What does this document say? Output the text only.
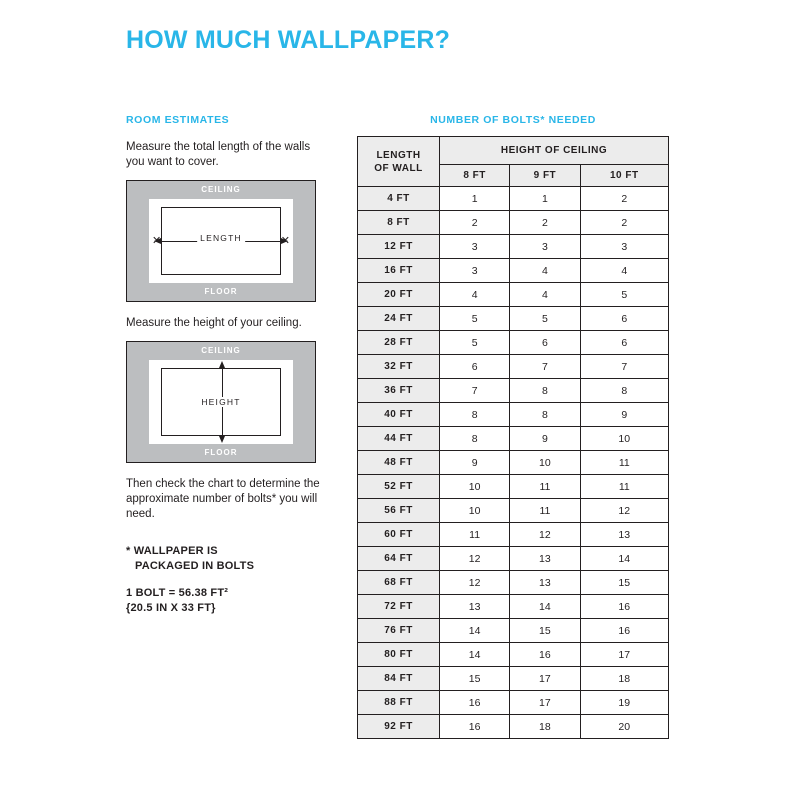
HOW MUCH WALLPAPER?
ROOM ESTIMATES

Measure the total length of the walls you want to cover.

CEILING
FLOOR
LENGTH
✕	✕

Measure the height of your ceiling.

CEILING
FLOOR
HEIGHT

Then check the chart to determine the approximate number of bolts* you will need.

* WALLPAPER IS
PACKAGED IN BOLTS
1 BOLT = 56.38 FT²
{20.5 IN X 33 FT}
NUMBER OF BOLTS* NEEDED
LENGTH
OF WALL	HEIGHT OF CEILING		
	8 FT	9 FT	10 FT
4 FT	1	1	2
8 FT	2	2	2
12 FT	3	3	3
16 FT	3	4	4
20 FT	4	4	5
24 FT	5	5	6
28 FT	5	6	6
32 FT	6	7	7
36 FT	7	8	8
40 FT	8	8	9
44 FT	8	9	10
48 FT	9	10	11
52 FT	10	11	11
56 FT	10	11	12
60 FT	11	12	13
64 FT	12	13	14
68 FT	12	13	15
72 FT	13	14	16
76 FT	14	15	16
80 FT	14	16	17
84 FT	15	17	18
88 FT	16	17	19
92 FT	16	18	20
